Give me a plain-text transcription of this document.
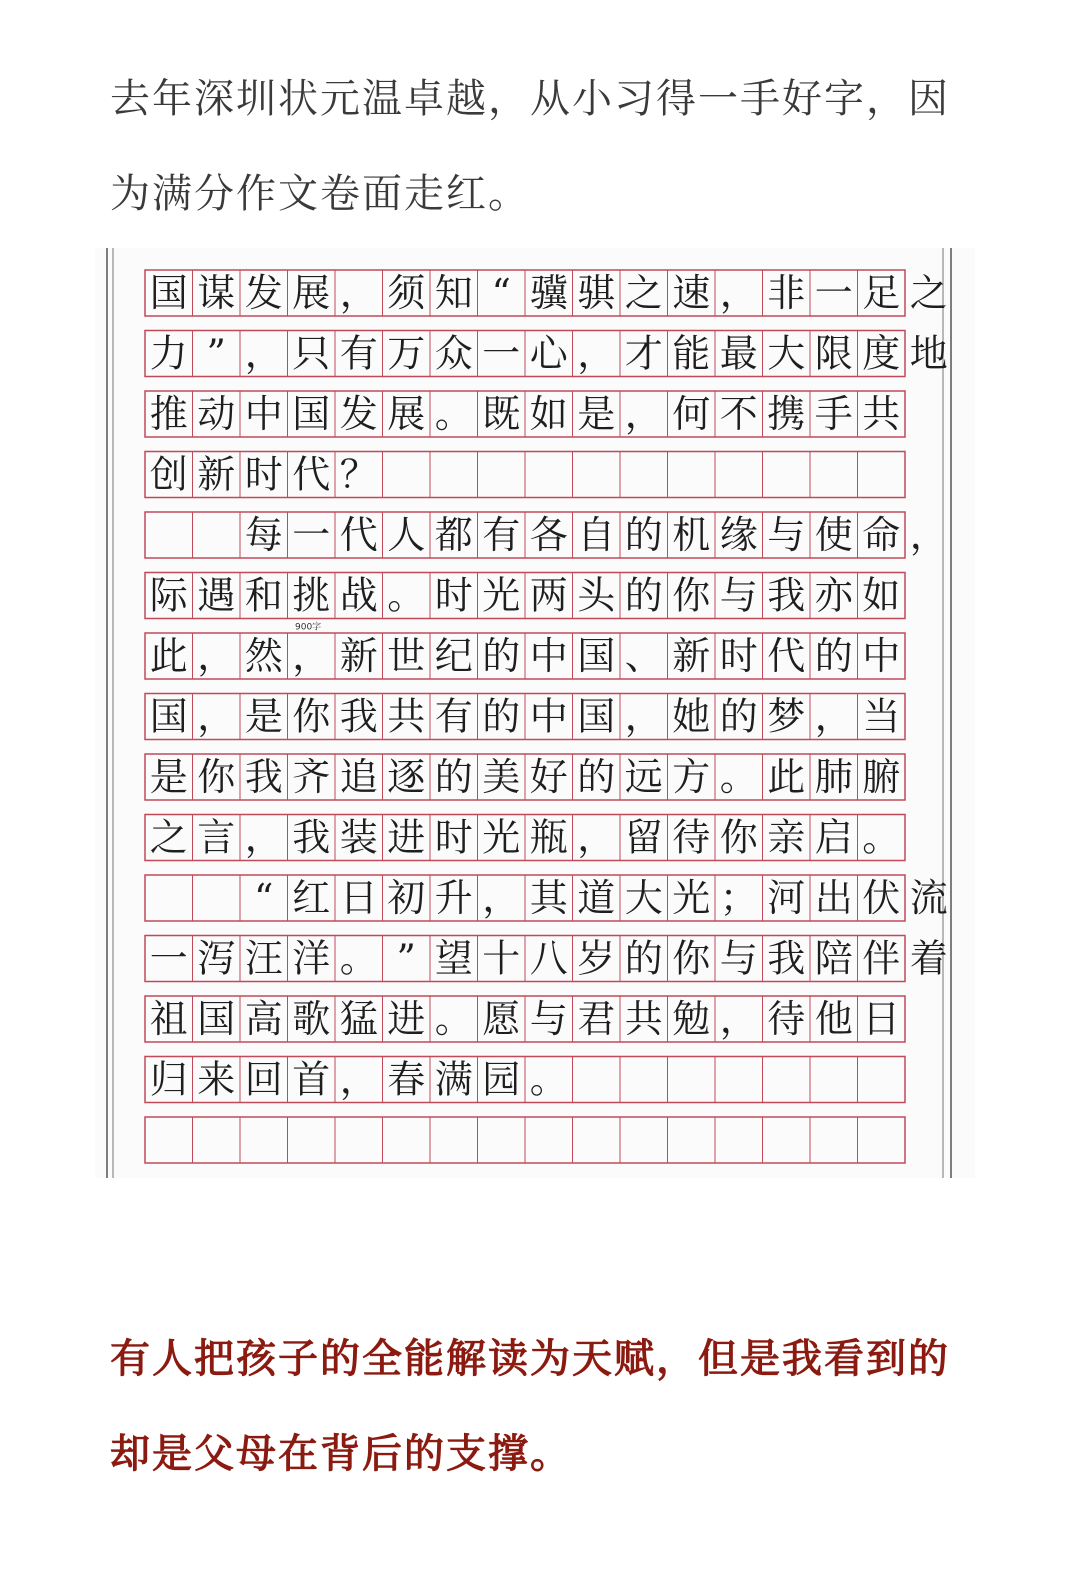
去年深圳状元温卓越，从小习得一手好字，因为满分作文卷面走红。

国 谋 发 展 ， 须 知 “ 骥 骐 之 速 ， 非 一 足 之
力 ” ， 只 有 万 众 一 心 ， 才 能 最 大 限 度 地
推 动 中 国 发 展 。 既 如 是 ， 何 不 携 手 共
创 新 时 代 ？
每 一 代 人 都 有 各 自 的 机 缘 与 使 命 ，
际 遇 和 挑 战 。 时 光 两 头 的 你 与 我 亦 如
此 ， 然 ， 新 世 纪 的 中 国 、 新 时 代 的 中
国 ， 是 你 我 共 有 的 中 国 ， 她 的 梦 ， 当
是 你 我 齐 追 逐 的 美 好 的 远 方 。 此 肺 腑
之 言 ， 我 装 进 时 光 瓶 ， 留 待 你 亲 启 。
“ 红 日 初 升 ， 其 道 大 光 ； 河 出 伏 流
一 泻 汪 洋 。 ” 望 十 八 岁 的 你 与 我 陪 伴 着
祖 国 高 歌 猛 进 。 愿 与 君 共 勉 ， 待 他 日
归 来 回 首 ， 春 满 园 。
900字

有人把孩子的全能解读为天赋，但是我看到的却是父母在背后的支撑。
